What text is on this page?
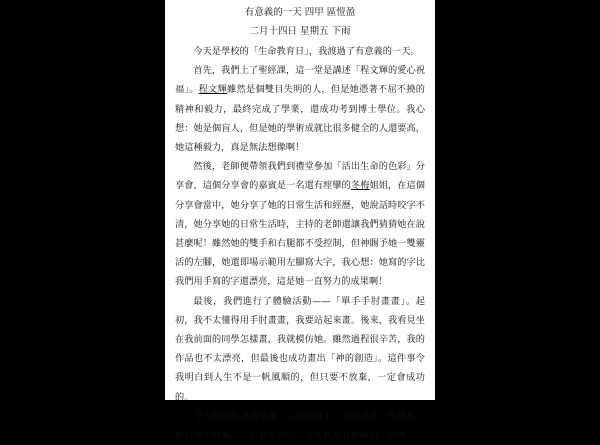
有意義的一天 四甲 區愷盈
二月十四日 星期五 下雨

今天是學校的「生命教育日」，我渡過了有意義的一天。

首先，我們上了聖經課，這一堂是講述「程文輝的愛心祝福」。程文輝雖然是個雙目失明的人，但是她憑著不屈不撓的精神和毅力，最終完成了學業，還成功考到博士學位。我心想：她是個盲人，但是她的學術成就比很多健全的人還要高，她這種毅力，真是無法想像啊！

然後，老師便帶領我們到禮堂參加「活出生命的色彩」分享會，這個分享會的嘉賓是一名還有痙攣的冬梅姐姐，在這個分享會當中，她分享了她的日常生活和經歷，她說話時咬字不清，她分享她的日常生活時，主持的老師還讓我們猜猜她在說甚麼呢！雖然她的雙手和右腿都不受控制，但神賜予她一雙靈活的左腳，她還即場示範用左腳寫大字，我心想：她寫的字比我們用手寫的字還漂亮，這是她一直努力的成果啊！

最後，我們進行了體驗活動——「單手手肘畫畫」。起初，我不太懂得用手肘畫畫，我要站起來畫。後來，我看見坐在我前面的同學怎樣畫，我就模仿她。雖然過程很辛苦，我的作品也不太漂亮，但最後也成功畫出「神的創造」。這件事令我明白到人生不是一帆風順的，但只要不放棄，一定會成功的。

今天的活動讓我學會了人生的路上一定會遇到一些挫折，但只要不放棄，一定會成功的。今天真是有意義的一天啊！
